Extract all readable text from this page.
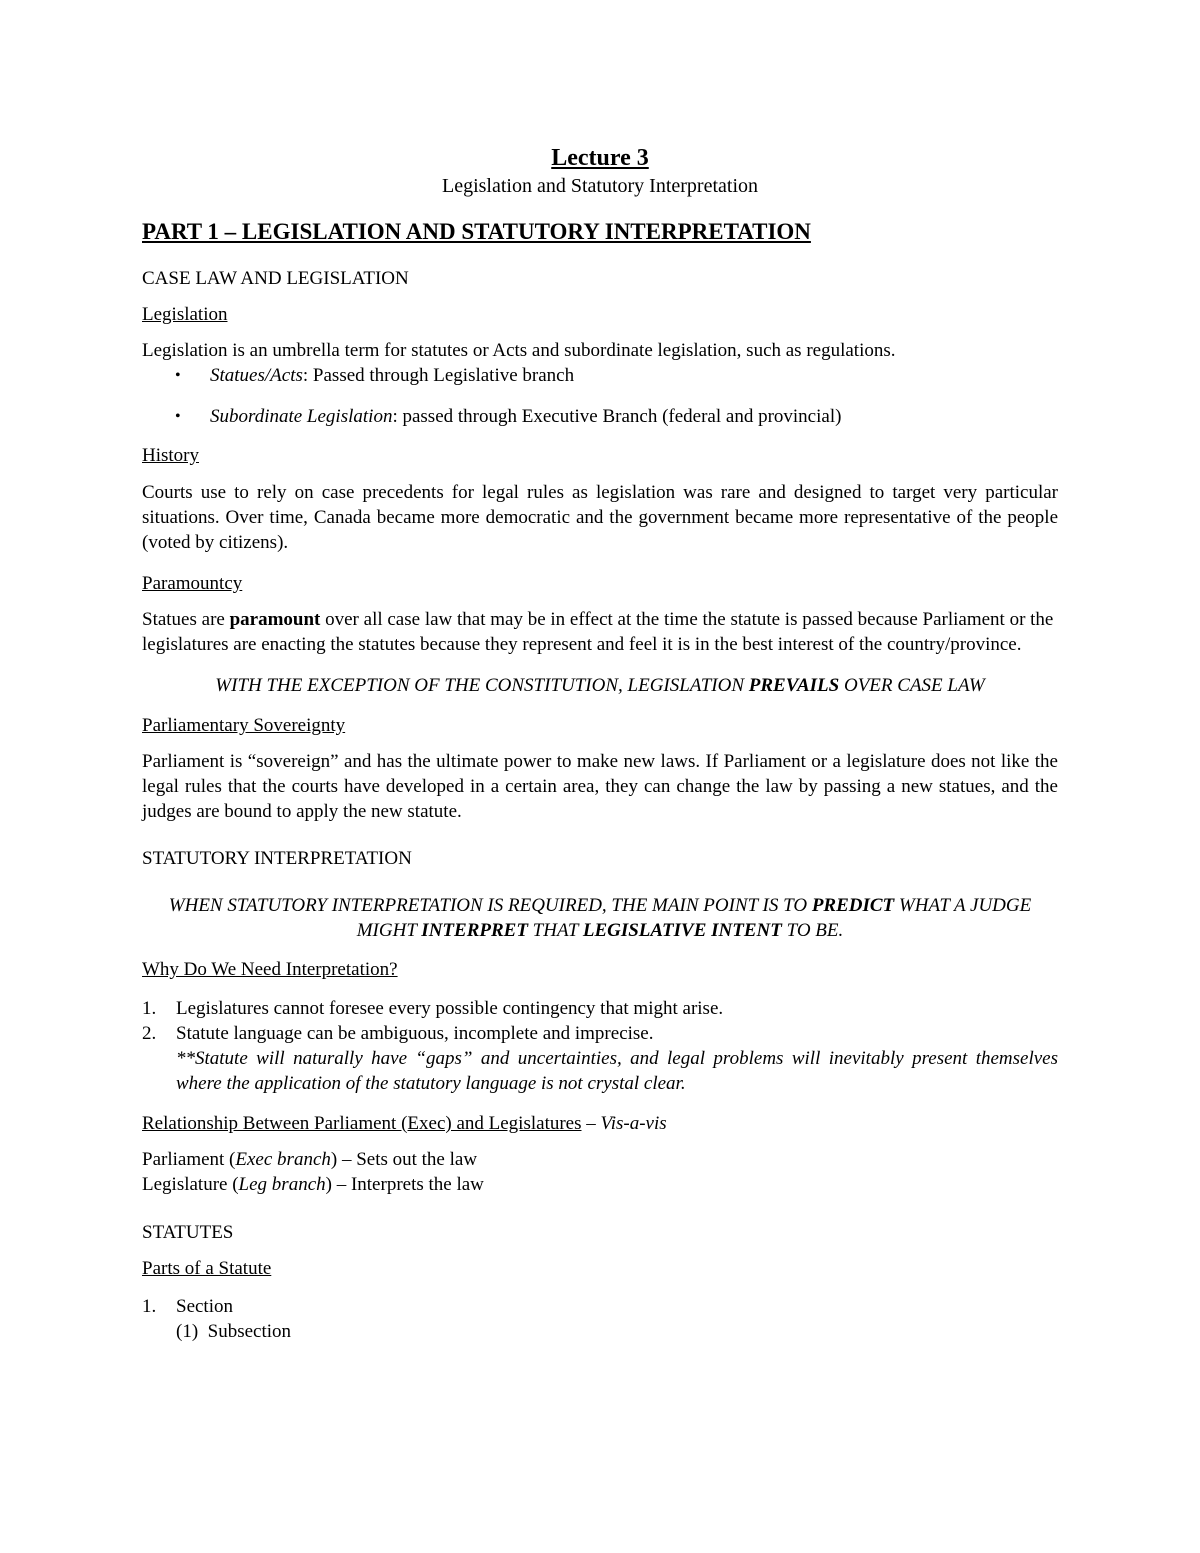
Lecture 3

Legislation and Statutory Interpretation

PART 1 – LEGISLATION AND STATUTORY INTERPRETATION

CASE LAW AND LEGISLATION

Legislation

Legislation is an umbrella term for statutes or Acts and subordinate legislation, such as regulations.

• Statues/Acts: Passed through Legislative branch
• Subordinate Legislation: passed through Executive Branch (federal and provincial)

History

Courts use to rely on case precedents for legal rules as legislation was rare and designed to target very particular situations. Over time, Canada became more democratic and the government became more representative of the people (voted by citizens).

Paramountcy

Statues are paramount over all case law that may be in effect at the time the statute is passed because Parliament or the legislatures are enacting the statutes because they represent and feel it is in the best interest of the country/province.

WITH THE EXCEPTION OF THE CONSTITUTION, LEGISLATION PREVAILS OVER CASE LAW

Parliamentary Sovereignty

Parliament is “sovereign” and has the ultimate power to make new laws. If Parliament or a legislature does not like the legal rules that the courts have developed in a certain area, they can change the law by passing a new statues, and the judges are bound to apply the new statute.

STATUTORY INTERPRETATION

WHEN STATUTORY INTERPRETATION IS REQUIRED, THE MAIN POINT IS TO PREDICT WHAT A JUDGE MIGHT INTERPRET THAT LEGISLATIVE INTENT TO BE.

Why Do We Need Interpretation?

1. Legislatures cannot foresee every possible contingency that might arise.
2. Statute language can be ambiguous, incomplete and imprecise.
**Statute will naturally have “gaps” and uncertainties, and legal problems will inevitably present themselves where the application of the statutory language is not crystal clear.

Relationship Between Parliament (Exec) and Legislatures – Vis-a-vis

Parliament (Exec branch) – Sets out the law

Legislature (Leg branch) – Interprets the law

STATUTES

Parts of a Statute

1. Section
(1)  Subsection
